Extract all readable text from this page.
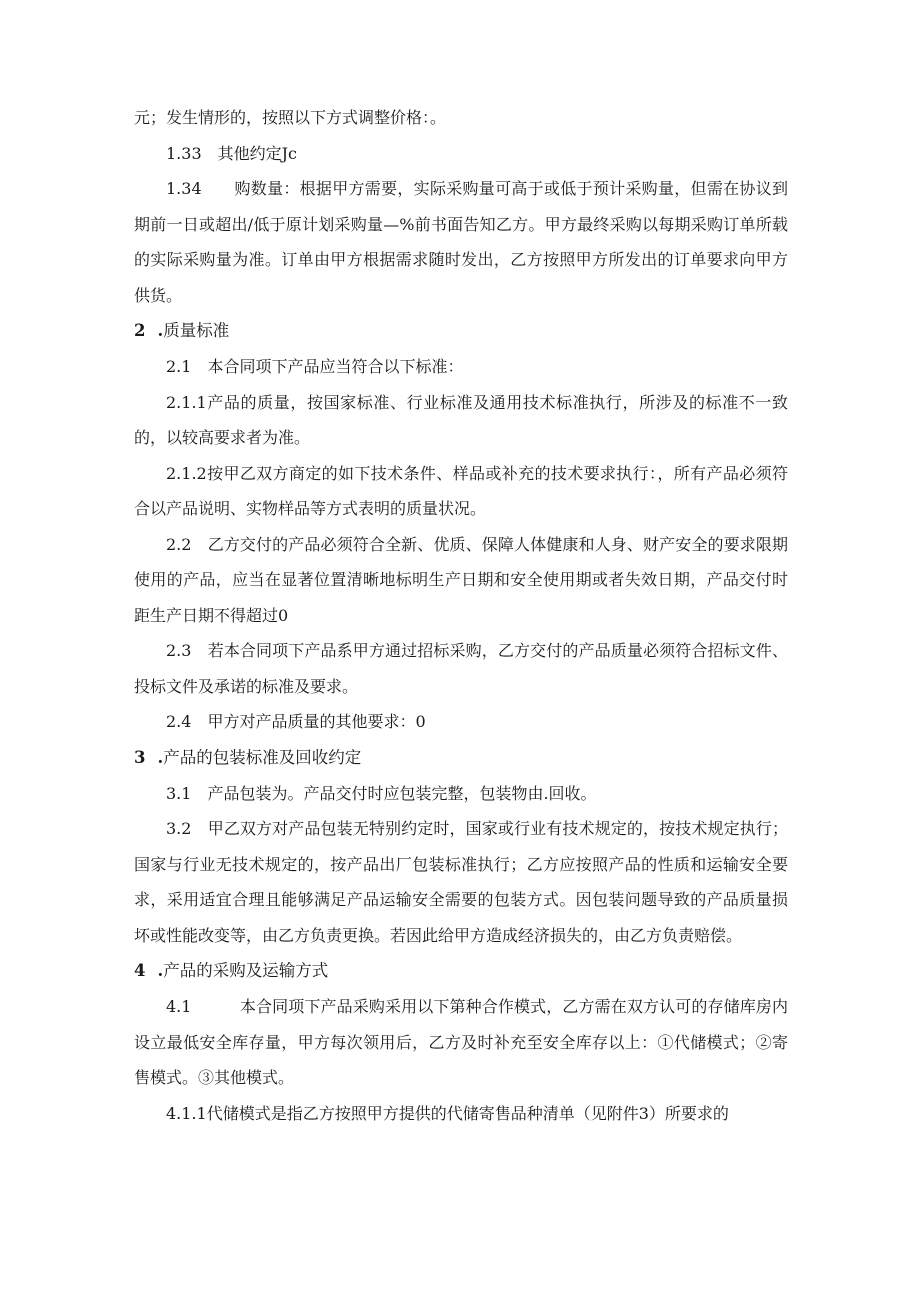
元；发生情形的，按照以下方式调整价格：。

1.33　其他约定Jc

1.34　　购数量：根据甲方需要，实际采购量可高于或低于预计采购量，但需在协议到期前一日或超出/低于原计划采购量—%前书面告知乙方。甲方最终采购以每期采购订单所载的实际采购量为准。订单由甲方根据需求随时发出，乙方按照甲方所发出的订单要求向甲方供货。

2 .质量标准

2.1　本合同项下产品应当符合以下标准：

2.1.1产品的质量，按国家标准、行业标准及通用技术标准执行，所涉及的标准不一致的，以较高要求者为准。

2.1.2按甲乙双方商定的如下技术条件、样品或补充的技术要求执行：，所有产品必须符合以产品说明、实物样品等方式表明的质量状况。

2.2　乙方交付的产品必须符合全新、优质、保障人体健康和人身、财产安全的要求限期使用的产品，应当在显著位置清晰地标明生产日期和安全使用期或者失效日期，产品交付时距生产日期不得超过0

2.3　若本合同项下产品系甲方通过招标采购，乙方交付的产品质量必须符合招标文件、投标文件及承诺的标准及要求。

2.4　甲方对产品质量的其他要求：0

3 .产品的包装标准及回收约定

3.1　产品包装为。产品交付时应包装完整，包装物由.回收。

3.2　甲乙双方对产品包装无特别约定时，国家或行业有技术规定的，按技术规定执行；国家与行业无技术规定的，按产品出厂包装标准执行；乙方应按照产品的性质和运输安全要求，采用适宜合理且能够满足产品运输安全需要的包装方式。因包装问题导致的产品质量损坏或性能改变等，由乙方负责更换。若因此给甲方造成经济损失的，由乙方负责赔偿。

4 .产品的采购及运输方式

4.1　　　本合同项下产品采购采用以下第种合作模式，乙方需在双方认可的存储库房内设立最低安全库存量，甲方每次领用后，乙方及时补充至安全库存以上：①代储模式；②寄售模式。③其他模式。

4.1.1代储模式是指乙方按照甲方提供的代储寄售品种清单（见附件3）所要求的
